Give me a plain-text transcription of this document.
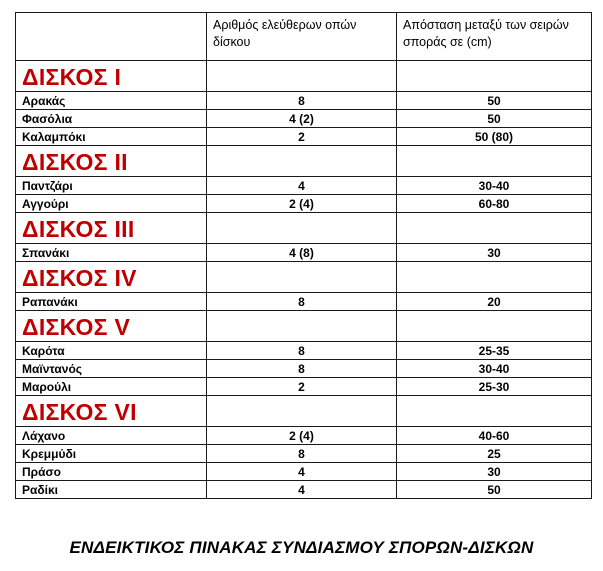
	Αριθμός ελεύθερων οπών δίσκου	Απόσταση μεταξύ των σειρών σποράς σε (cm)
ΔΙΣΚΟΣ Ι		
Αρακάς	8	50
Φασόλια	4 (2)	50
Καλαμπόκι	2	50 (80)
ΔΙΣΚΟΣ ΙΙ		
Παντζάρι	4	30-40
Αγγούρι	2 (4)	60-80
ΔΙΣΚΟΣ ΙΙΙ		
Σπανάκι	4 (8)	30
ΔΙΣΚΟΣ ΙV		
Ραπανάκι	8	20
ΔΙΣΚΟΣ V		
Καρότα	8	25-35
Μαϊντανός	8	30-40
Μαρούλι	2	25-30
ΔΙΣΚΟΣ VΙ		
Λάχανο	2 (4)	40-60
Κρεμμύδι	8	25
Πράσο	4	30
Ραδίκι	4	50
ΕΝΔΕΙΚΤΙΚΟΣ ΠΙΝΑΚΑΣ ΣΥΝΔΙΑΣΜΟΥ ΣΠΟΡΩΝ-ΔΙΣΚΩΝ
